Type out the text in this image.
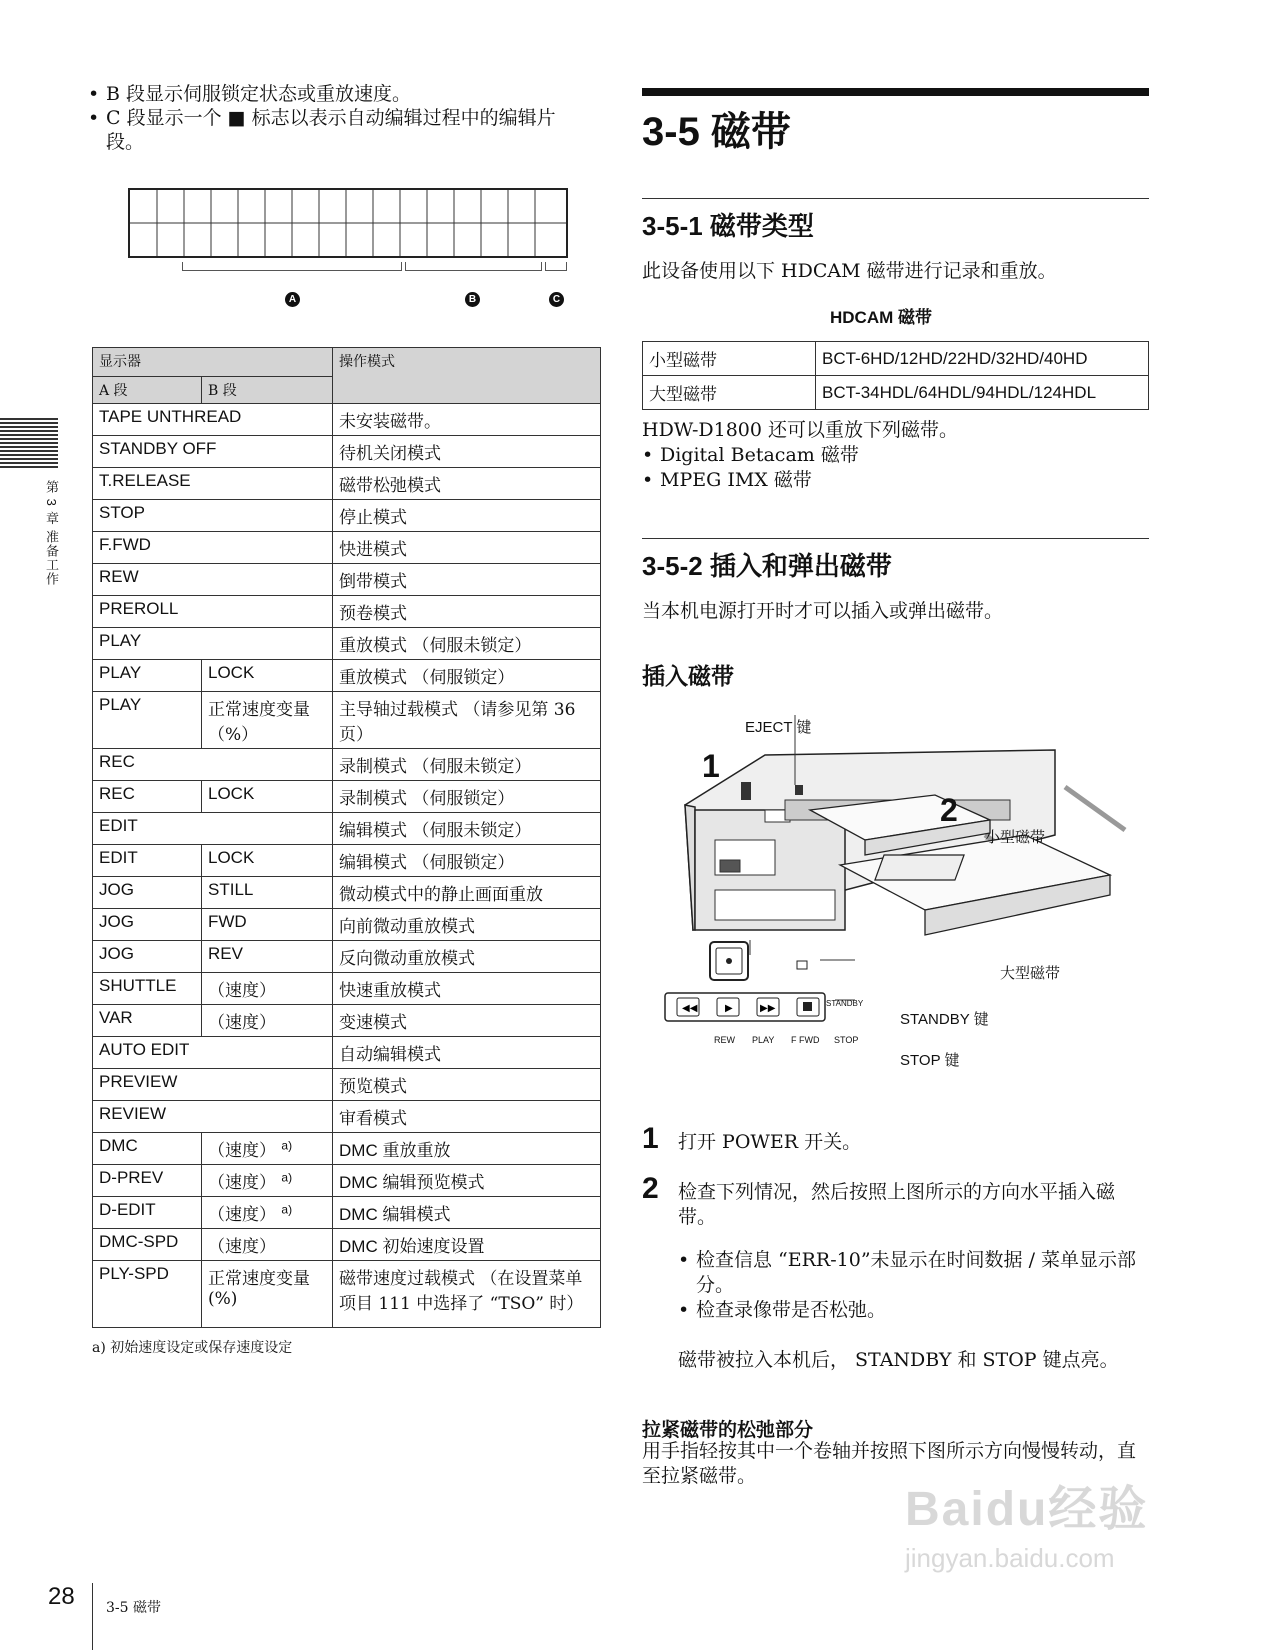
• B 段显示伺服锁定状态或重放速度。
• C 段显示一个 ■ 标志以表示自动编辑过程中的编辑片段。
A	B	C
显示器		操作模式
A 段	B 段	
TAPE UNTHREAD		未安装磁带。
STANDBY OFF		待机关闭模式
T.RELEASE		磁带松弛模式
STOP		停止模式
F.FWD		快进模式
REW		倒带模式
PREROLL		预卷模式
PLAY		重放模式 （伺服未锁定）
PLAY	LOCK	重放模式 （伺服锁定）
PLAY	正常速度变量（%）	主导轴过载模式 （请参见第 36 页）
REC		录制模式 （伺服未锁定）
REC	LOCK	录制模式 （伺服锁定）
EDIT		编辑模式 （伺服未锁定）
EDIT	LOCK	编辑模式 （伺服锁定）
JOG	STILL	微动模式中的静止画面重放
JOG	FWD	向前微动重放模式
JOG	REV	反向微动重放模式
SHUTTLE	（速度）	快速重放模式
VAR	（速度）	变速模式
AUTO EDIT		自动编辑模式
PREVIEW		预览模式
REVIEW		审看模式
DMC	（速度） $^{a)}$	DMC 重放重放
D-PREV	（速度） $^{a)}$	DMC 编辑预览模式
D-EDIT	（速度） $^{a)}$	DMC 编辑模式
DMC-SPD	（速度）	DMC 初始速度设置
PLY-SPD	正常速度变量 (%)	磁带速度过载模式 （在设置菜单项目 111 中选择了 “TSO” 时）
a) 初始速度设定或保存速度设定
第 3 章 准备工作
3-5 磁带
3-5-1 磁带类型
此设备使用以下 HDCAM 磁带进行记录和重放。
HDCAM 磁带
小型磁带	BCT-6HD/12HD/22HD/32HD/40HD
大型磁带	BCT-34HDL/64HDL/94HDL/124HDL
HDW-D1800 还可以重放下列磁带。
• Digital Betacam 磁带
• MPEG IMX 磁带
3-5-2 插入和弹出磁带
当本机电源打开时才可以插入或弹出磁带。
插入磁带
◀◀	▶	▶▶
EJECT 键
1
2
小型磁带
大型磁带
STANDBY
REW PLAY F FWD STOP
STANDBY 键
STOP 键
1 打开 POWER 开关。
2 检查下列情况，然后按照上图所示的方向水平插入磁带。
• 检查信息 “ERR-10”未显示在时间数据 / 菜单显示部分。
• 检查录像带是否松弛。
磁带被拉入本机后， STANDBY 和 STOP 键点亮。
拉紧磁带的松弛部分
用手指轻按其中一个卷轴并按照下图所示方向慢慢转动，直至拉紧磁带。
28 3-5 磁带
Baidu经验
jingyan.baidu.com
